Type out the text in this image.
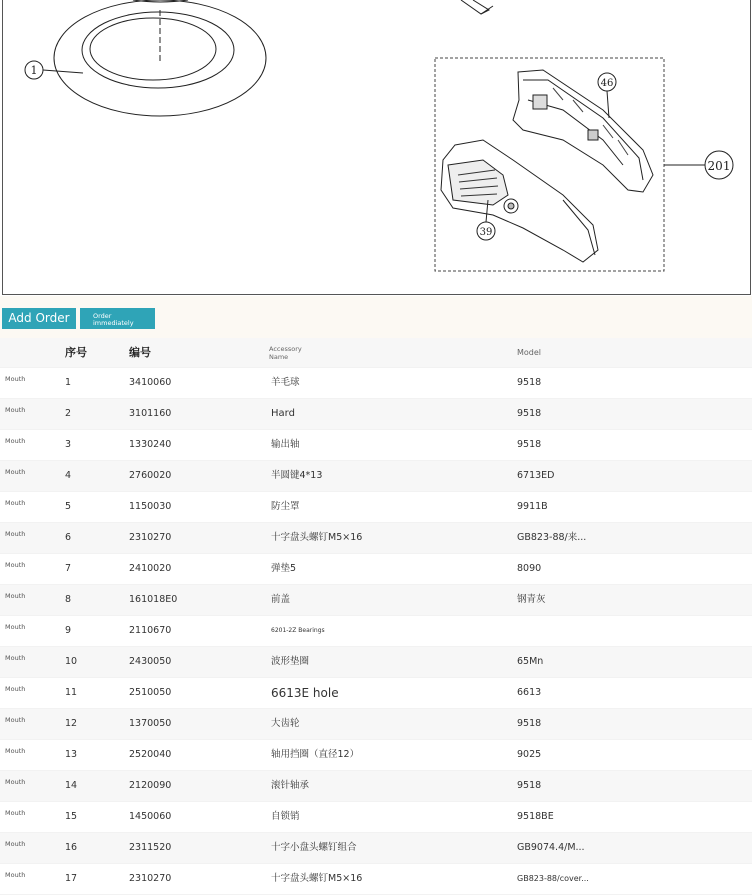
1
46
39
201
Add Order	Order immediately
序号	编号	Accessory Name	Model
Mouth	1	3410060	羊毛球	9518
Mouth	2	3101160	Hard	9518
Mouth	3	1330240	输出轴	9518
Mouth	4	2760020	半圆键4*13	6713ED
Mouth	5	1150030	防尘罩	9911B
Mouth	6	2310270	十字盘头螺钉M5×16	GB823-88/来...
Mouth	7	2410020	弹垫5	8090
Mouth	8	161018E0	前盖	钢青灰
Mouth	9	2110670	6201-2Z Bearings
Mouth	10	2430050	波形垫圈	65Mn
Mouth	11	2510050	6613E hole	6613
Mouth	12	1370050	大齿轮	9518
Mouth	13	2520040	轴用挡圈（直径12）	9025
Mouth	14	2120090	滚针轴承	9518
Mouth	15	1450060	自锁销	9518BE
Mouth	16	2311520	十字小盘头螺钉组合	GB9074.4/M...
Mouth	17	2310270	十字盘头螺钉M5×16	GB823-88/cover...
